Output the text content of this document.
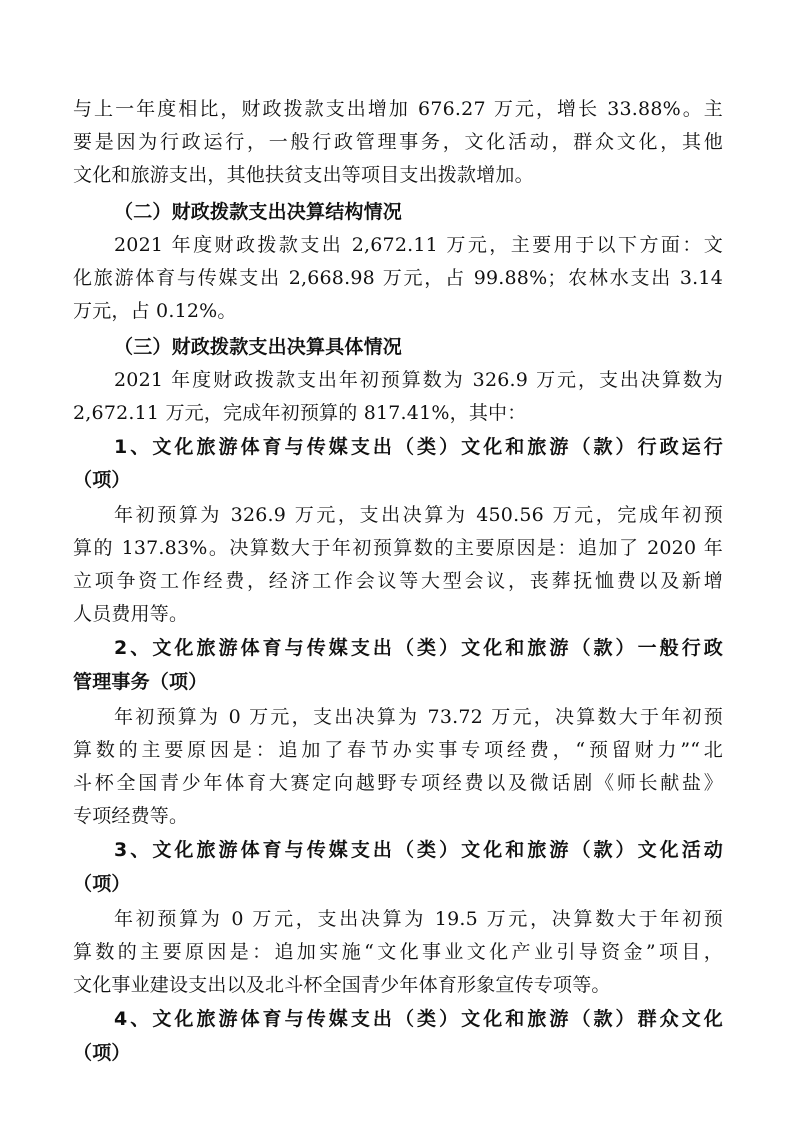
与上一年度相比，财政拨款支出增加 676.27 万元，增长 33.88%。主
要是因为行政运行，一般行政管理事务，文化活动，群众文化，其他
文化和旅游支出，其他扶贫支出等项目支出拨款增加。
（二）财政拨款支出决算结构情况
2021 年度财政拨款支出 2,672.11 万元，主要用于以下方面：文
化旅游体育与传媒支出 2,668.98 万元，占 99.88%；农林水支出 3.14
万元，占 0.12%。
（三）财政拨款支出决算具体情况
2021 年度财政拨款支出年初预算数为 326.9 万元，支出决算数为
2,672.11 万元，完成年初预算的 817.41%，其中：
1、文化旅游体育与传媒支出（类）文化和旅游（款）行政运行
（项）
年初预算为 326.9 万元，支出决算为 450.56 万元，完成年初预
算的 137.83%。决算数大于年初预算数的主要原因是：追加了 2020 年
立项争资工作经费，经济工作会议等大型会议，丧葬抚恤费以及新增
人员费用等。
2、文化旅游体育与传媒支出（类）文化和旅游（款）一般行政
管理事务（项）
年初预算为 0 万元，支出决算为 73.72 万元，决算数大于年初预
算数的主要原因是：追加了春节办实事专项经费，“预留财力”“北
斗杯全国青少年体育大赛定向越野专项经费以及微话剧《师长献盐》
专项经费等。
3、文化旅游体育与传媒支出（类）文化和旅游（款）文化活动
（项）
年初预算为 0 万元，支出决算为 19.5 万元，决算数大于年初预
算数的主要原因是：追加实施“文化事业文化产业引导资金”项目，
文化事业建设支出以及北斗杯全国青少年体育形象宣传专项等。
4、文化旅游体育与传媒支出（类）文化和旅游（款）群众文化
（项）
